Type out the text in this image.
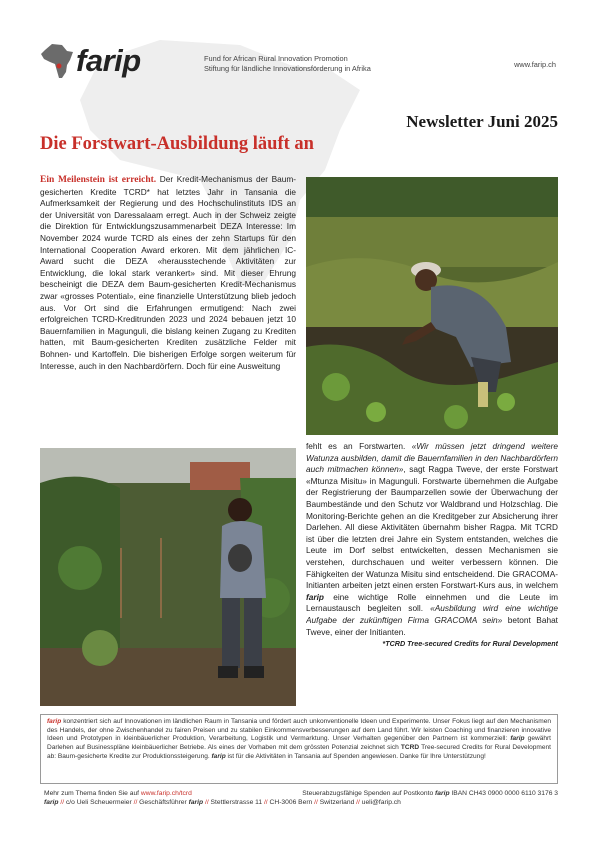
farip	Fund for African Rural Innovation Promotion
Stiftung für ländliche Innovationsförderung in Afrika	www.farip.ch
Newsletter Juni 2025
Die Forstwart-Ausbildung läuft an
Ein Meilenstein ist erreicht. Der Kredit-Mechanismus der Baum-gesicherten Kredite TCRD* hat letztes Jahr in Tansania die Aufmerksamkeit der Regierung und des Hochschulinstituts IDS an der Universität von Daressalaam erregt. Auch in der Schweiz zeigte die Direktion für Entwicklungszusammenarbeit DEZA Interesse: Im November 2024 wurde TCRD als eines der zehn Startups für den International Cooperation Award erkoren. Mit dem jährlichen IC-Award sucht die DEZA «herausstechende Aktivitäten zur Entwicklung, die lokal stark verankert» sind. Mit dieser Ehrung bescheinigt die DEZA dem Baum-gesicherten Kredit-Mechanismus zwar «grosses Potential», eine finanzielle Unterstützung blieb jedoch aus. Vor Ort sind die Erfahrungen ermutigend: Nach zwei erfolgreichen TCRD-Kreditrunden 2023 und 2024 bebauen jetzt 10 Bauernfamilien in Magunguli, die bislang keinen Zugang zu Krediten hatten, mit Baum-gesicherten Krediten zusätzliche Felder mit Bohnen- und Kartoffeln. Die bisherigen Erfolge sorgen weiterum für Interesse, auch in den Nachbardörfern. Doch für eine Ausweitung
fehlt es an Forstwarten. «Wir müssen jetzt dringend weitere Watunza ausbilden, damit die Bauernfamilien in den Nachbardörfern auch mitmachen können», sagt Ragpa Tweve, der erste Forstwart «Mtunza Misitu» in Magunguli. Forstwarte übernehmen die Aufgabe der Registrierung der Baumparzellen sowie der Überwachung der Baumbestände und den Schutz vor Waldbrand und Holzschlag. Die Monitoring-Berichte gehen an die Kreditgeber zur Absicherung ihrer Darlehen. All diese Aktivitäten übernahm bisher Ragpa. Mit TCRD ist über die letzten drei Jahre ein System entstanden, welches die Leute im Dorf selbst entwickelten, dessen Mechanismen sie verstehen, durchschauen und weiter verbessern können. Die Fähigkeiten der Watunza Misitu sind entscheidend. Die GRACOMA-Initianten arbeiten jetzt einen ersten Forstwart-Kurs aus, in welchem farip eine wichtige Rolle einnehmen und die Leute im Lernaustausch begleiten soll. «Ausbildung wird eine wichtige Aufgabe der zukünftigen Firma GRACOMA sein» betont Bahat Tweve, einer der Initianten.
*TCRD Tree-secured Credits for Rural Development

farip konzentriert sich auf Innovationen im ländlichen Raum in Tansania und fördert auch unkonventionelle Ideen und Experimente. Unser Fokus liegt auf den Mechanismen des Handels, der ohne Zwischenhandel zu fairen Preisen und zu stabilen Einkommensverbesserungen auf dem Land führt. Wir leisten Coaching und finanzieren innovative Ideen und Prototypen in kleinbäuerlicher Produktion, Verarbeitung, Logistik und Vermarktung. Unser Verhalten gegenüber den Partnern ist kommerziell: farip gewährt Darlehen auf Businesspläne kleinbäuerlicher Betriebe. Als eines der Vorhaben mit dem grössten Potenzial zeichnet sich TCRD Tree-secured Credits for Rural Development ab: Baum-gesicherte Kredite zur Produktionssteigerung. farip ist für die Aktivitäten in Tansania auf Spenden angewiesen. Danke für Ihre Unterstützung!

Mehr zum Thema finden Sie auf www.farip.ch/tcrd	Steuerabzugsfähige Spenden auf Postkonto farip IBAN CH43 0900 0000 6110 3176 3
farip // c/o Ueli Scheuermeier // Geschäftsführer farip // Stettlerstrasse 11 // CH-3006 Bern // Switzerland // ueli@farip.ch
